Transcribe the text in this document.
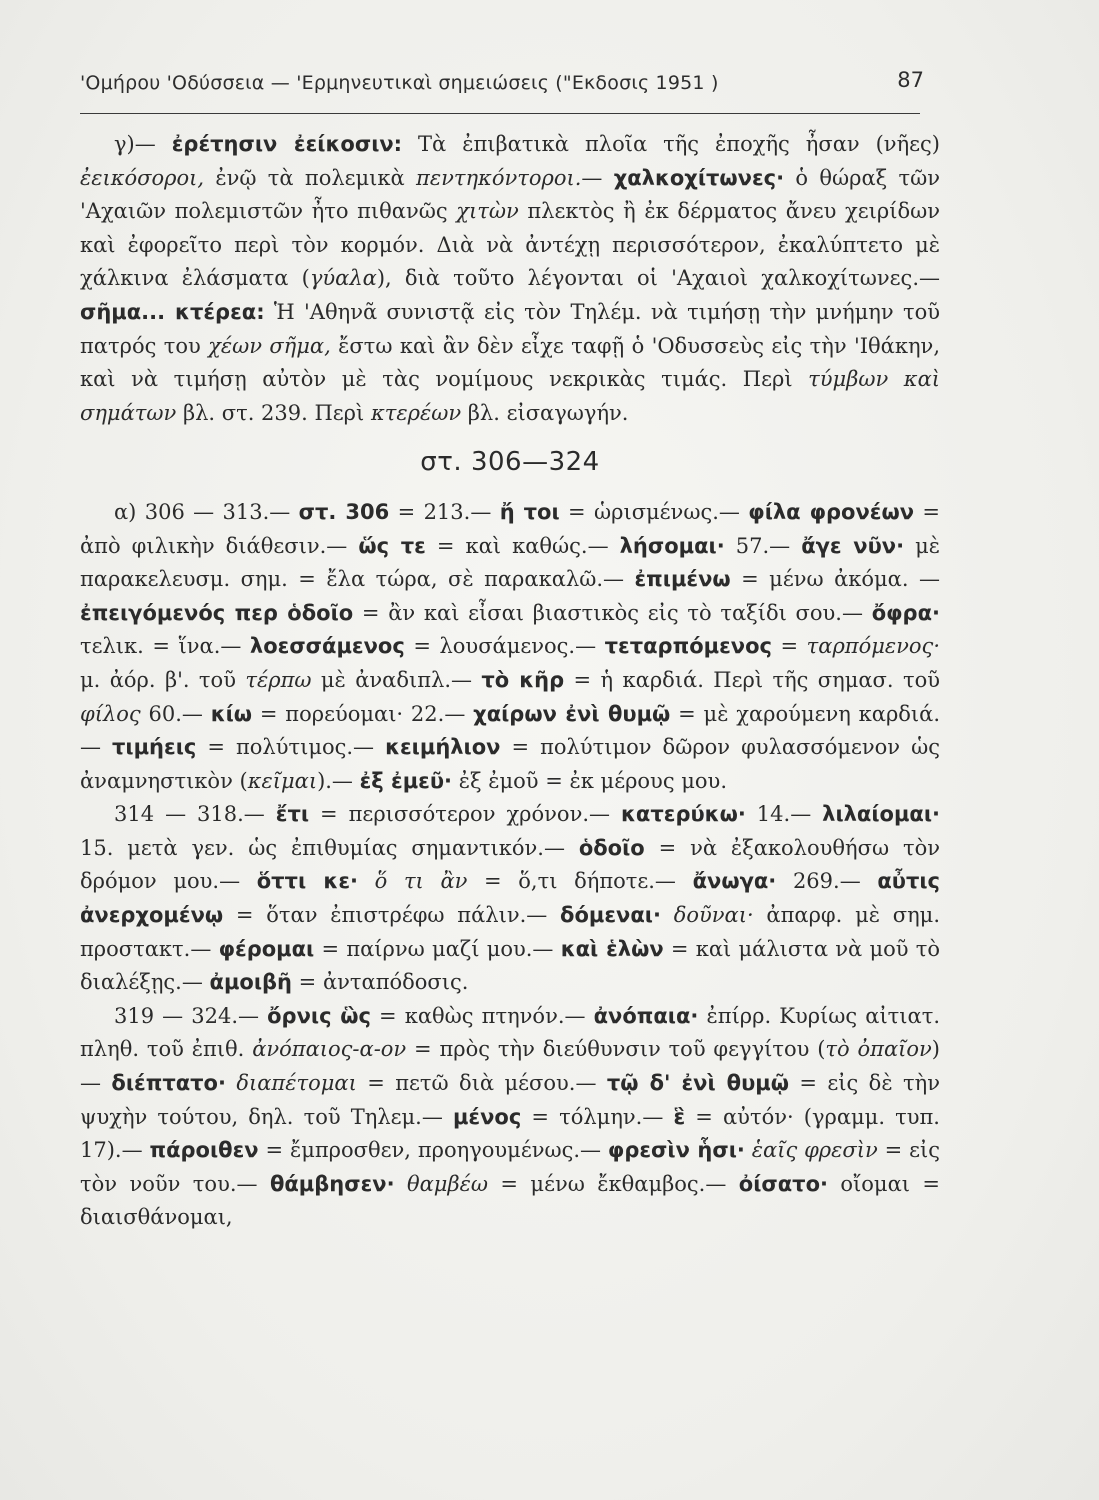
'Ομήρου 'Οδύσσεια — 'Ερμηνευτικαὶ σημειώσεις ("Εκδοσις 1951 )	87

γ)— ἐρέτησιν ἐείκοσιν: Τὰ ἐπιβατικὰ πλοῖα τῆς ἐποχῆς ἦσαν (νῆες) ἐεικόσοροι, ἐνῷ τὰ πολεμικὰ πεντηκόντοροι.— χαλκοχίτωνες· ὁ θώραξ τῶν 'Αχαιῶν πολεμιστῶν ἦτο πιθανῶς χιτὼν πλεκτὸς ἢ ἐκ δέρματος ἄνευ χειρίδων καὶ ἐφορεῖτο περὶ τὸν κορμόν. Διὰ νὰ ἀντέχῃ περισσότερον, ἐκαλύπτετο μὲ χάλκινα ἐλάσματα (γύαλα), διὰ τοῦτο λέγονται οἱ 'Αχαιοὶ χαλκοχίτωνες.— σῆμα... κτέρεα: Ἡ 'Αθηνᾶ συνιστᾷ εἰς τὸν Τηλέμ. νὰ τιμήσῃ τὴν μνήμην τοῦ πατρός του χέων σῆμα, ἔστω καὶ ἂν δὲν εἶχε ταφῇ ὁ 'Οδυσσεὺς εἰς τὴν 'Ιθάκην, καὶ νὰ τιμήσῃ αὐτὸν μὲ τὰς νομίμους νεκρικὰς τιμάς. Περὶ τύμβων καὶ σημάτων βλ. στ. 239. Περὶ κτερέων βλ. εἰσαγωγήν.

στ. 306—324

α) 306 — 313.— στ. 306 = 213.— ἤ τοι = ὡρισμένως.— φίλα φρονέων = ἀπὸ φιλικὴν διάθεσιν.— ὥς τε = καὶ καθώς.— λήσομαι· 57.— ἄγε νῦν· μὲ παρακελευσμ. σημ. = ἔλα τώρα, σὲ παρακαλῶ.— ἐπιμένω = μένω ἀκόμα. — ἐπειγόμενός περ ὁδοῖο = ἂν καὶ εἶσαι βιαστικὸς εἰς τὸ ταξίδι σου.— ὄφρα· τελικ. = ἵνα.— λοεσσάμενος = λουσάμενος.— τεταρπόμενος = ταρπόμενος· μ. ἀόρ. β'. τοῦ τέρπω μὲ ἀναδιπλ.— τὸ κῆρ = ἡ καρδιά. Περὶ τῆς σημασ. τοῦ φίλος 60.— κίω = πορεύομαι· 22.— χαίρων ἐνὶ θυμῷ = μὲ χαρούμενη καρδιά.— τιμήεις = πολύτιμος.— κειμήλιον = πολύτιμον δῶρον φυλασσόμενον ὡς ἀναμνηστικὸν (κεῖμαι).— ἐξ ἐμεῦ· ἐξ ἐμοῦ = ἐκ μέρους μου.

314 — 318.— ἔτι = περισσότερον χρόνον.— κατερύκω· 14.— λιλαίομαι· 15. μετὰ γεν. ὡς ἐπιθυμίας σημαντικόν.— ὁδοῖο = νὰ ἐξακολουθήσω τὸν δρόμον μου.— ὅττι κε· ὅ τι ἂν = ὅ,τι δήποτε.— ἄνωγα· 269.— αὖτις ἀνερχομένῳ = ὅταν ἐπιστρέφω πάλιν.— δόμεναι· δοῦναι· ἀπαρφ. μὲ σημ. προστακτ.— φέρομαι = παίρνω μαζί μου.— καὶ ἑλὼν = καὶ μάλιστα νὰ μοῦ τὸ διαλέξῃς.— ἀμοιβῆ = ἀνταπόδοσις.

319 — 324.— ὄρνις ὣς = καθὼς πτηνόν.— ἀνόπαια· ἐπίρρ. Κυρίως αἰτιατ. πληθ. τοῦ ἐπιθ. ἀνόπαιος-α-ον = πρὸς τὴν διεύθυνσιν τοῦ φεγγίτου (τὸ ὀπαῖον)— διέπτατο· διαπέτομαι = πετῶ διὰ μέσου.— τῷ δ' ἐνὶ θυμῷ = εἰς δὲ τὴν ψυχὴν τούτου, δηλ. τοῦ Τηλεμ.— μένος = τόλμην.— ἓ = αὐτόν· (γραμμ. τυπ. 17).— πάροιθεν = ἔμπροσθεν, προηγουμένως.— φρεσὶν ἧσι· ἑαῖς φρεσὶν = εἰς τὸν νοῦν του.— θάμβησεν· θαμβέω = μένω ἔκθαμβος.— ὀίσατο· οἴομαι = διαισθάνομαι,
